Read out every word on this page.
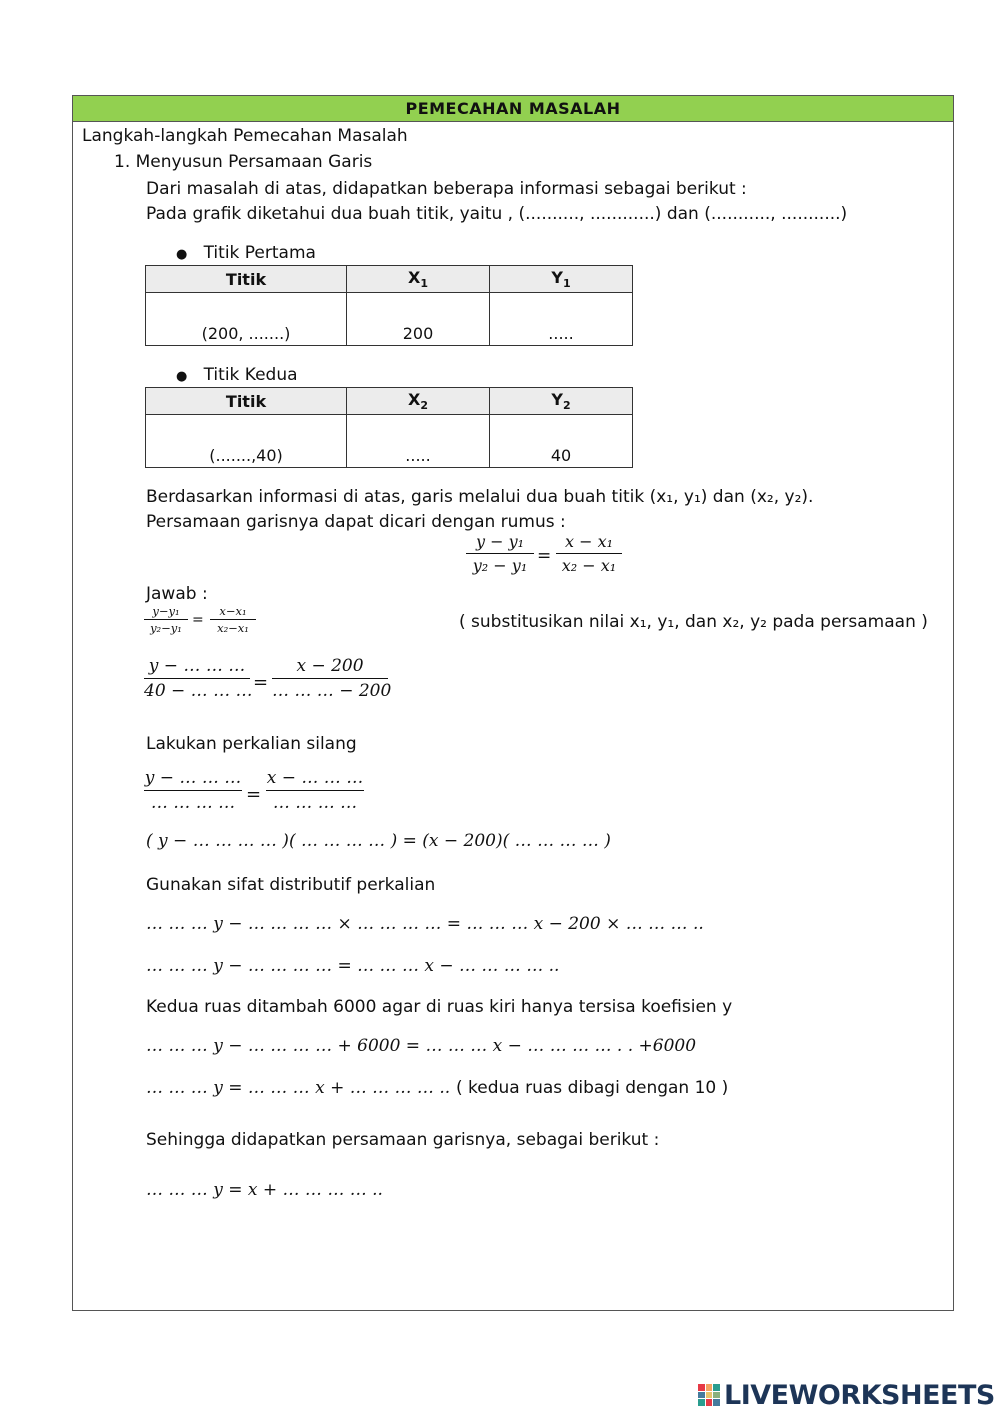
PEMECAHAN MASALAH
Langkah-langkah Pemecahan Masalah
1. Menyusun Persamaan Garis
Dari masalah di atas, didapatkan beberapa informasi sebagai berikut :
Pada grafik diketahui dua buah titik, yaitu , (.........., ............) dan (..........., ...........)
● Titik Pertama
Titik	$X_1$	$Y_1$
(200, .......)	200	.....
● Titik Kedua
Titik	$X_2$	$Y_2$
(.......,40)	.....	40
Berdasarkan informasi di atas, garis melalui dua buah titik (x₁, y₁) dan (x₂, y₂).
Persamaan garisnya dapat dicari dengan rumus :
y − y₁
y₂ − y₁ =
x − x₁
x₂ − x₁
Jawab :
y−y₁
y₂−y₁ =
x−x₁
x₂−x₁	( substitusikan nilai x₁, y₁, dan x₂, y₂ pada persamaan )
y − … … …
40 − … … … =
x − 200
… … … − 200
Lakukan perkalian silang
y − … … …
… … … … =
x − … … …
… … … …
( y − … … … … )( … … … … ) = (x − 200)( … … … … )
Gunakan sifat distributif perkalian
… … … y − … … … … × … … … … = … … … x − 200 × … … … ..
… … … y − … … … … = … … … x − … … … … ..
Kedua ruas ditambah 6000 agar di ruas kiri hanya tersisa koefisien y
… … … y − … … … … + 6000 = … … … x − … … … … . . +6000
… … … y = … … … x + … … … … .. ( kedua ruas dibagi dengan 10 )
Sehingga didapatkan persamaan garisnya, sebagai berikut :
… … … y = x + … … … … ..
LIVEWORKSHEETS
